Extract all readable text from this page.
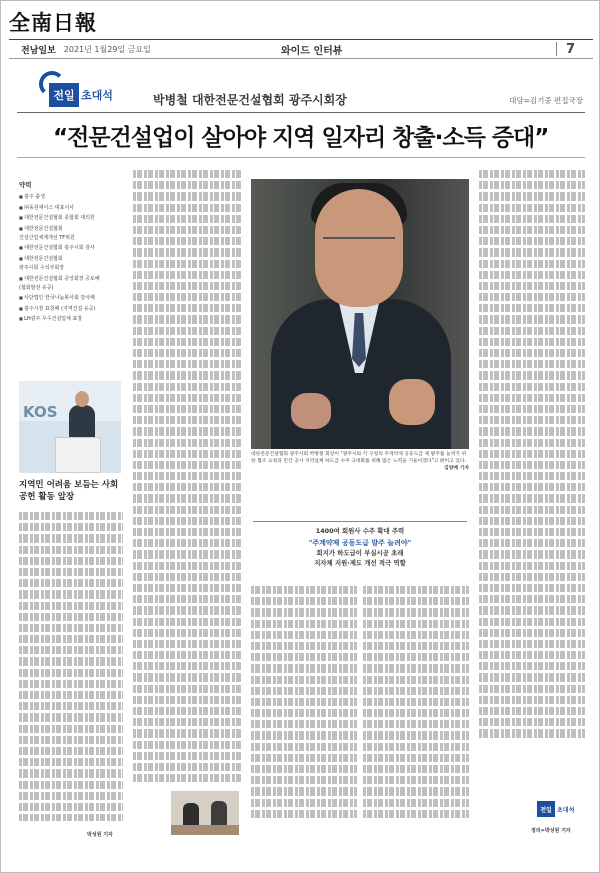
全南日報
전남일보 2021년 1월29일 금요일	와이드 인터뷰	7
전일 초대석	박병철 대한전문건설협회 광주시회장	대담=김기중 편집국장
“전문건설업이 살아야 지역 일자리 창출·소득 증대”
약력
■ 광주 출생
■ ㈜동원에이스 대표이사
■ 대한전문건설협회 종합회 대의원
■ 대한전문건설협회
건설산업체계개선 TF위원
■ 대한전문건설협회 광주시회 감사
■ 대한전문건설협회
광주시회 수석부회장
■ 대한전문건설협회 중앙회장 공로패
(협회발전 유공)
■ 사단법인 한국나눔봉사회 감사패
■ 광주시장 표창패 (지역건설 유공)
■ LH광주 우수건설업체 표창
KOS
지역민 어려움 보듬는 사회공헌 활동 앞장
박성원 기자
대한전문건설협회 광주시회 박병철 회장이 "광주시와 각 구청의 주계약제 공동도급 제 발주를 늘려가 위한 협조 요청과 민간 공사 지역업체 하도급 수주 극대화를 위해 많은 노력을 기울이겠다"고 밝히고 있다.
김양배 기자
1400여 회원사 수주 확대 주력
"주계약제 공동도급 발주 늘려야"
회지가 하도급이 부실시공 초래
지자체 지원·제도 개선 적극 역할
전일 초대석
정리=박성원 기자
